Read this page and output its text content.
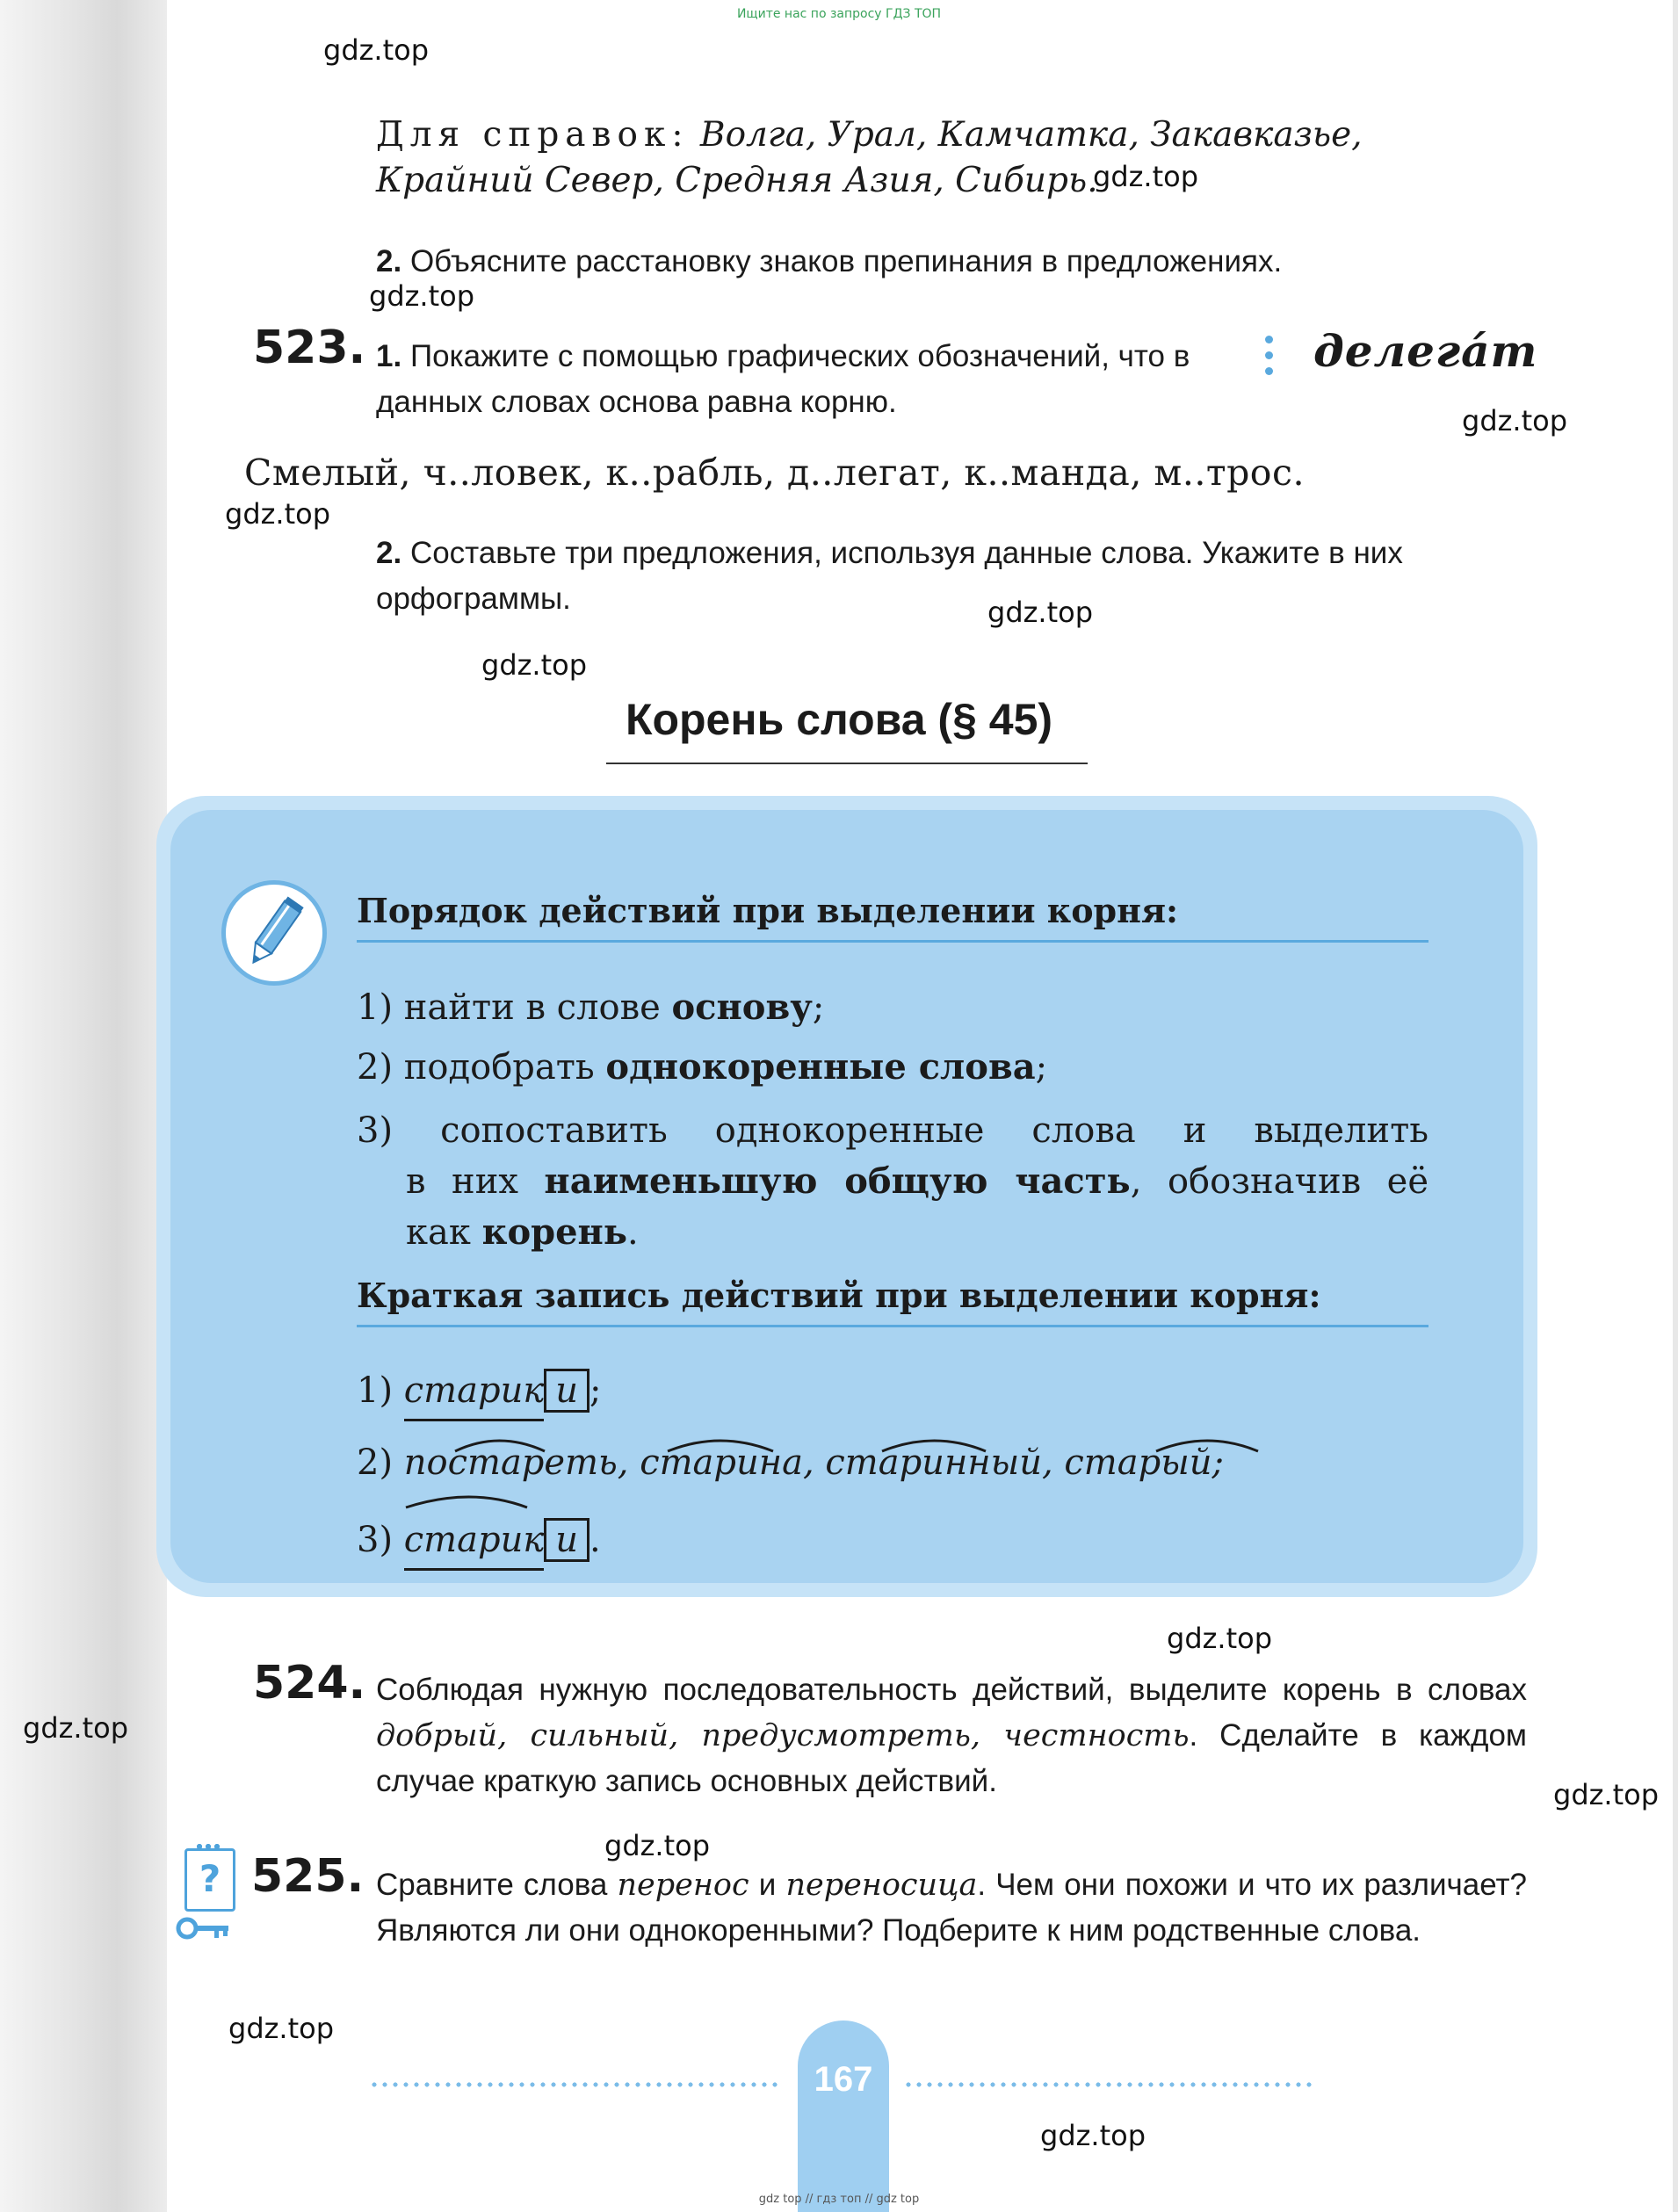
Ищите нас по запросу ГДЗ ТОП
gdz.top
gdz.top
gdz.top
gdz.top
gdz.top
gdz.top
gdz.top
gdz.top
gdz.top
gdz.top
gdz.top
gdz.top
gdz.top
Для справок: Волга, Урал, Камчатка, Закавказье, Крайний Север, Средняя Азия, Сибирь.
2. Объясните расстановку знаков препинания в предложениях.
523. 1. Покажите с помощью графических обозначений, что в данных словах основа равна корню.
делегáт
Смелый, ч..ловек, к..рабль, д..легат, к..манда, м..трос.
2. Составьте три предложения, используя данные слова. Укажите в них орфограммы.
Корень слова (§ 45)
Порядок действий при выделении корня:
1) найти в слове основу;
2) подобрать однокоренные слова;
3) сопоставить однокоренные слова и выделить
в них наименьшую общую часть, обозначив её
как корень.
Краткая запись действий при выделении корня:
1) старик и ;
2) постареть, старина, старинный, старый;
3) старик и .
524. Соблюдая нужную последовательность действий, выделите корень в словах добрый, сильный, предусмотреть, честность. Сделайте в каждом случае краткую запись основных действий.
? 525. Сравните слова перенос и переносица. Чем они похожи и что их различает? Являются ли они однокоренными? Подберите к ним родственные слова.
167
gdz top // гдз топ // gdz top
